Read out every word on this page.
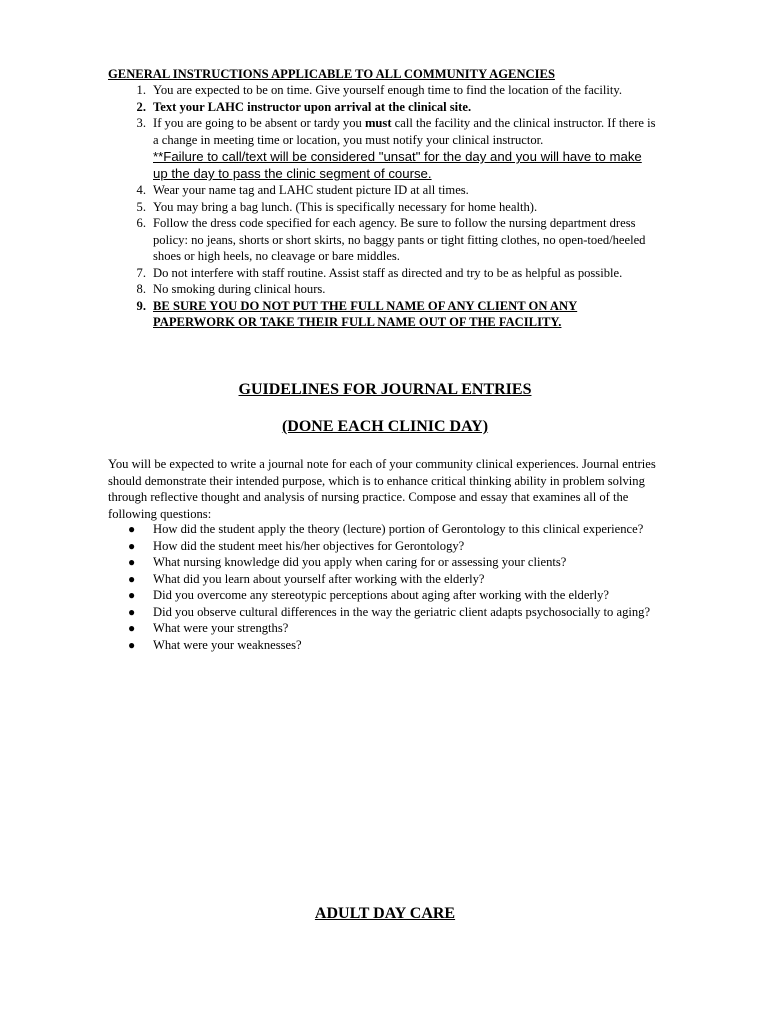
GENERAL INSTRUCTIONS APPLICABLE TO ALL COMMUNITY AGENCIES

1. You are expected to be on time. Give yourself enough time to find the location of the facility.
2. Text your LAHC instructor upon arrival at the clinical site.
3. If you are going to be absent or tardy you must call the facility and the clinical instructor. If there is a change in meeting time or location, you must notify your clinical instructor.
**Failure to call/text will be considered "unsat" for the day and you will have to make up the day to pass the clinic segment of course.
4. Wear your name tag and LAHC student picture ID at all times.
5. You may bring a bag lunch. (This is specifically necessary for home health).
6. Follow the dress code specified for each agency. Be sure to follow the nursing department dress policy: no jeans, shorts or short skirts, no baggy pants or tight fitting clothes, no open-toed/heeled shoes or high heels, no cleavage or bare middles.
7. Do not interfere with staff routine. Assist staff as directed and try to be as helpful as possible.
8. No smoking during clinical hours.
9. BE SURE YOU DO NOT PUT THE FULL NAME OF ANY CLIENT ON ANY PAPERWORK OR TAKE THEIR FULL NAME OUT OF THE FACILITY.
GUIDELINES FOR JOURNAL ENTRIES
(DONE EACH CLINIC DAY)

You will be expected to write a journal note for each of your community clinical experiences. Journal entries should demonstrate their intended purpose, which is to enhance critical thinking ability in problem solving through reflective thought and analysis of nursing practice. Compose and essay that examines all of the following questions:

● How did the student apply the theory (lecture) portion of Gerontology to this clinical experience?
● How did the student meet his/her objectives for Gerontology?
● What nursing knowledge did you apply when caring for or assessing your clients?
● What did you learn about yourself after working with the elderly?
● Did you overcome any stereotypic perceptions about aging after working with the elderly?
● Did you observe cultural differences in the way the geriatric client adapts psychosocially to aging?
● What were your strengths?
● What were your weaknesses?
ADULT DAY CARE
